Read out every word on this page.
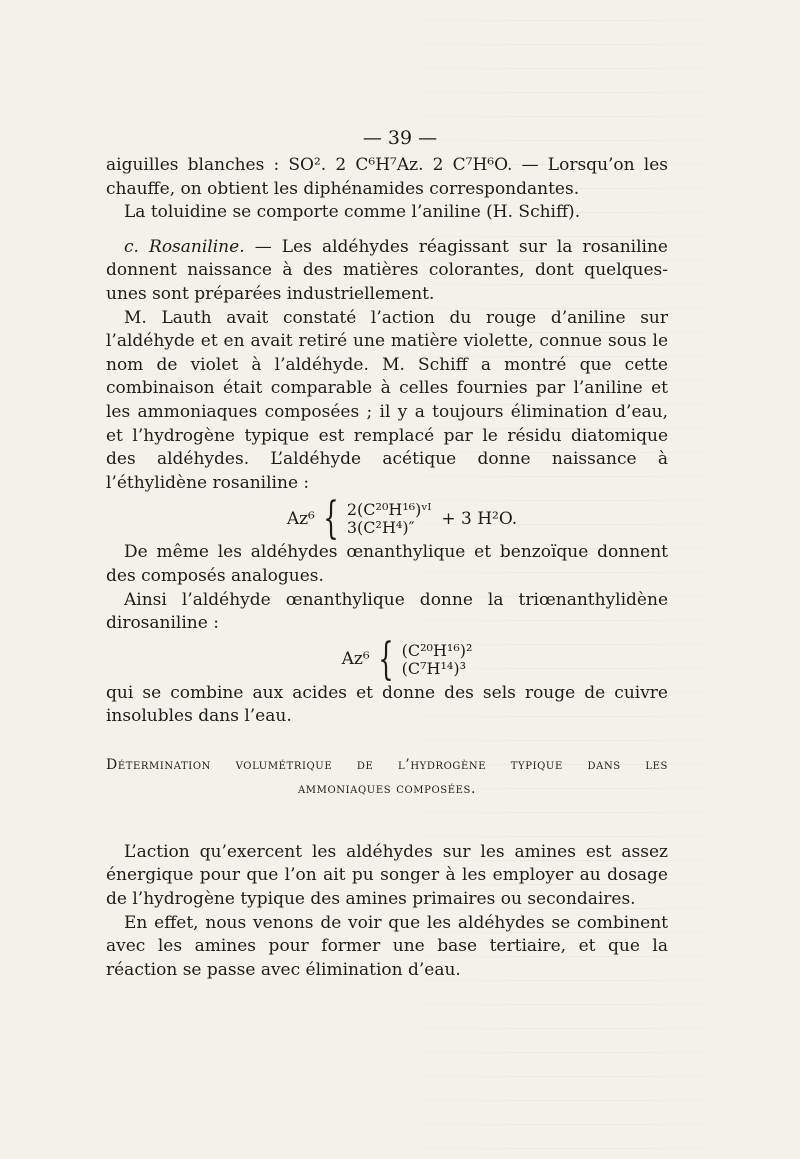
— 39 —

aiguilles blanches : SO². 2 C⁶H⁷Az. 2 C⁷H⁶O. — Lorsqu’on les chauffe, on obtient les diphénamides correspondantes.

La toluidine se comporte comme l’aniline (H. Schiff).

c. Rosaniline. — Les aldéhydes réagissant sur la rosaniline donnent naissance à des matières colorantes, dont quelques-unes sont préparées industriellement.

M. Lauth avait constaté l’action du rouge d’aniline sur l’aldéhyde et en avait retiré une matière violette, connue sous le nom de violet à l’aldéhyde. M. Schiff a montré que cette combinaison était comparable à celles fournies par l’aniline et les ammoniaques composées ; il y a toujours élimination d’eau, et l’hydrogène typique est remplacé par le résidu diatomique des aldéhydes. L’aldéhyde acétique donne naissance à l’éthylidène rosaniline :

Az⁶ { 2(C²⁰H¹⁶)ᵛᴵ
3(C²H⁴)″	+ 3 H²O.

De même les aldéhydes œnanthylique et benzoïque donnent des composés analogues.

Ainsi l’aldéhyde œnanthylique donne la triœnanthylidène dirosaniline :

Az⁶ { (C²⁰H¹⁶)²
(C⁷H¹⁴)³

qui se combine aux acides et donne des sels rouge de cuivre insolubles dans l’eau.

Détermination volumétrique de l’hydrogène typique dans les
ammoniaques composées.

L’action qu’exercent les aldéhydes sur les amines est assez énergique pour que l’on ait pu songer à les employer au dosage de l’hydrogène typique des amines primaires ou secondaires.

En effet, nous venons de voir que les aldéhydes se combinent avec les amines pour former une base tertiaire, et que la réaction se passe avec élimination d’eau.
